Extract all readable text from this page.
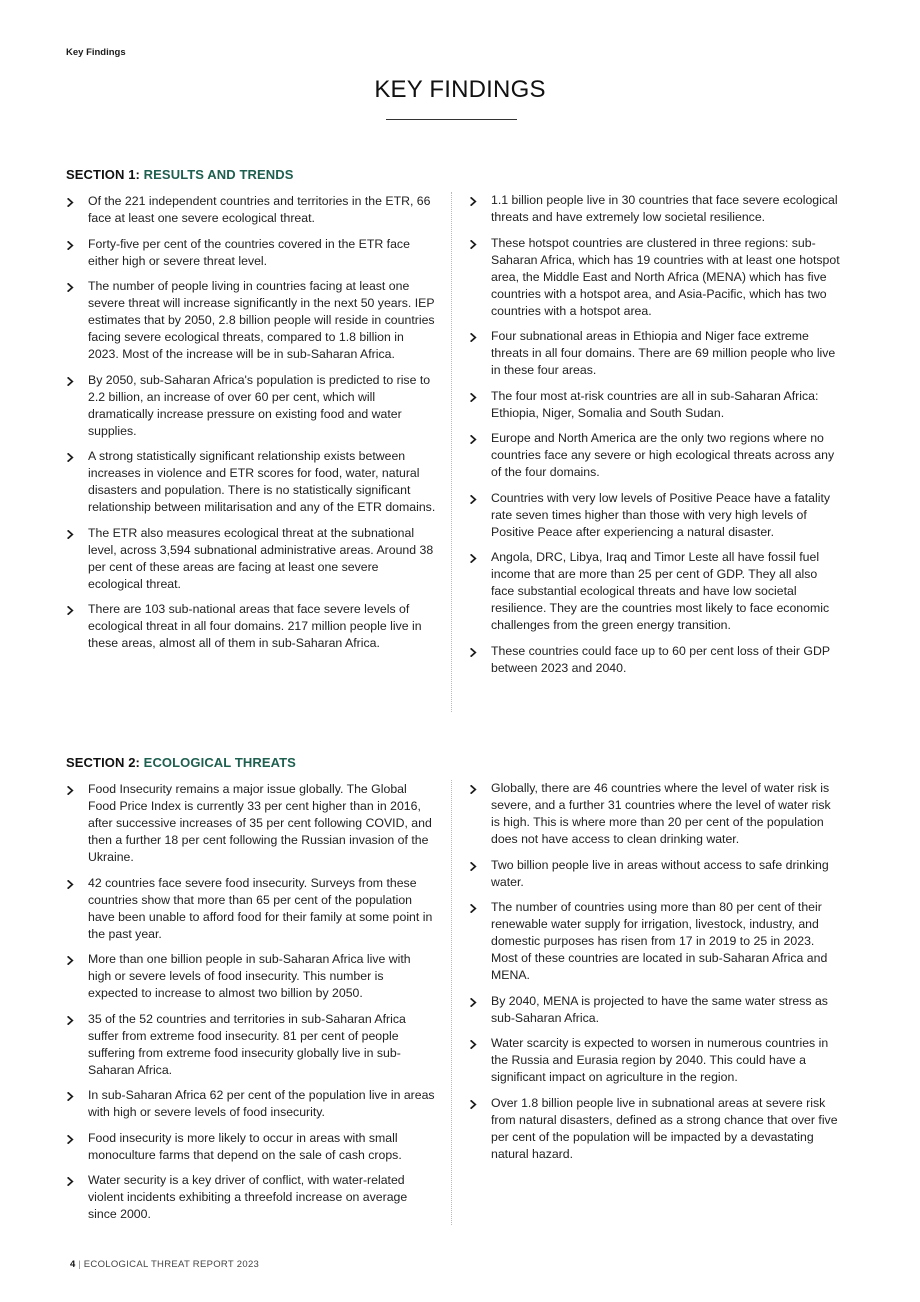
Key Findings
KEY FINDINGS
SECTION 1: RESULTS AND TRENDS
Of the 221 independent countries and territories in the ETR, 66 face at least one severe ecological threat.
Forty-five per cent of the countries covered in the ETR face either high or severe threat level.
The number of people living in countries facing at least one severe threat will increase significantly in the next 50 years. IEP estimates that by 2050, 2.8 billion people will reside in countries facing severe ecological threats, compared to 1.8 billion in 2023. Most of the increase will be in sub-Saharan Africa.
By 2050, sub-Saharan Africa's population is predicted to rise to 2.2 billion, an increase of over 60 per cent, which will dramatically increase pressure on existing food and water supplies.
A strong statistically significant relationship exists between increases in violence and ETR scores for food, water, natural disasters and population. There is no statistically significant relationship between militarisation and any of the ETR domains.
The ETR also measures ecological threat at the subnational level, across 3,594 subnational administrative areas. Around 38 per cent of these areas are facing at least one severe ecological threat.
There are 103 sub-national areas that face severe levels of ecological threat in all four domains. 217 million people live in these areas, almost all of them in sub-Saharan Africa.
1.1 billion people live in 30 countries that face severe ecological threats and have extremely low societal resilience.
These hotspot countries are clustered in three regions: sub-Saharan Africa, which has 19 countries with at least one hotspot area, the Middle East and North Africa (MENA) which has five countries with a hotspot area, and Asia-Pacific, which has two countries with a hotspot area.
Four subnational areas in Ethiopia and Niger face extreme threats in all four domains. There are 69 million people who live in these four areas.
The four most at-risk countries are all in sub-Saharan Africa: Ethiopia, Niger, Somalia and South Sudan.
Europe and North America are the only two regions where no countries face any severe or high ecological threats across any of the four domains.
Countries with very low levels of Positive Peace have a fatality rate seven times higher than those with very high levels of Positive Peace after experiencing a natural disaster.
Angola, DRC, Libya, Iraq and Timor Leste all have fossil fuel income that are more than 25 per cent of GDP. They all also face substantial ecological threats and have low societal resilience. They are the countries most likely to face economic challenges from the green energy transition.
These countries could face up to 60 per cent loss of their GDP between 2023 and 2040.
SECTION 2: ECOLOGICAL THREATS
Food Insecurity remains a major issue globally. The Global Food Price Index is currently 33 per cent higher than in 2016, after successive increases of 35 per cent following COVID, and then a further 18 per cent following the Russian invasion of the Ukraine.
42 countries face severe food insecurity. Surveys from these countries show that more than 65 per cent of the population have been unable to afford food for their family at some point in the past year.
More than one billion people in sub-Saharan Africa live with high or severe levels of food insecurity. This number is expected to increase to almost two billion by 2050.
35 of the 52 countries and territories in sub-Saharan Africa suffer from extreme food insecurity. 81 per cent of people suffering from extreme food insecurity globally live in sub-Saharan Africa.
In sub-Saharan Africa 62 per cent of the population live in areas with high or severe levels of food insecurity.
Food insecurity is more likely to occur in areas with small monoculture farms that depend on the sale of cash crops.
Water security is a key driver of conflict, with water-related violent incidents exhibiting a threefold increase on average since 2000.
Globally, there are 46 countries where the level of water risk is severe, and a further 31 countries where the level of water risk is high. This is where more than 20 per cent of the population does not have access to clean drinking water.
Two billion people live in areas without access to safe drinking water.
The number of countries using more than 80 per cent of their renewable water supply for irrigation, livestock, industry, and domestic purposes has risen from 17 in 2019 to 25 in 2023. Most of these countries are located in sub-Saharan Africa and MENA.
By 2040, MENA is projected to have the same water stress as sub-Saharan Africa.
Water scarcity is expected to worsen in numerous countries in the Russia and Eurasia region by 2040. This could have a significant impact on agriculture in the region.
Over 1.8 billion people live in subnational areas at severe risk from natural disasters, defined as a strong chance that over five per cent of the population will be impacted by a devastating natural hazard.
4 | ECOLOGICAL THREAT REPORT 2023
